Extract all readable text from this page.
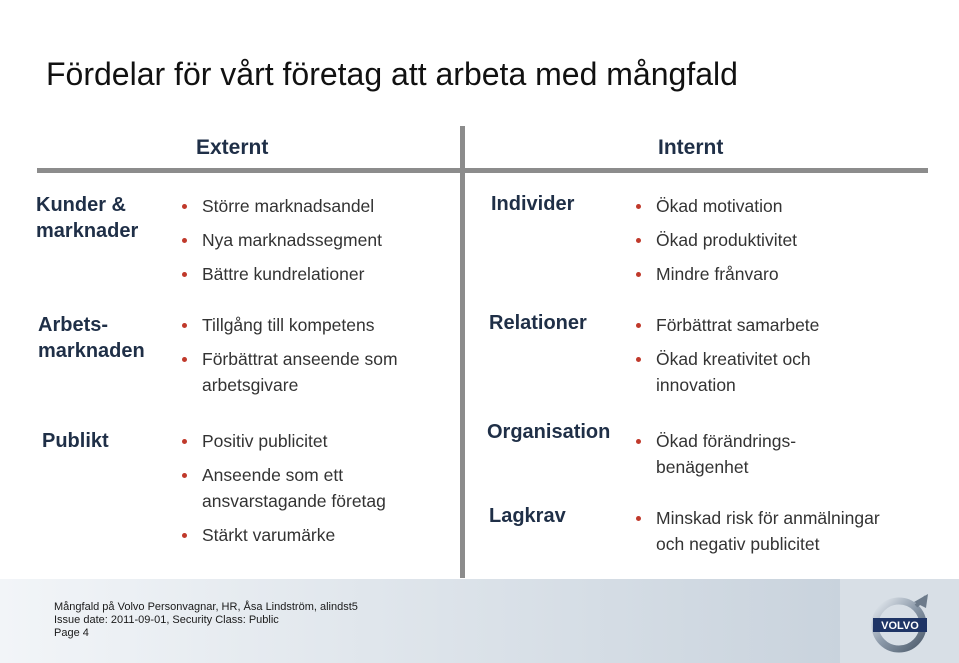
Fördelar för vårt företag att arbeta med mångfald
Externt	Internt
Kunder &
marknader
Större marknadsandel
Nya marknadssegment
Bättre kundrelationer
Arbets-
marknaden
Tillgång till kompetens
Förbättrat anseende som
arbetsgivare
Publikt	Positiv publicitet
Anseende som ett
ansvarstagande företag
Stärkt varumärke
Individer
Relationer
Organisation
Lagkrav
Ökad motivation
Ökad produktivitet
Mindre frånvaro
Förbättrat samarbete
Ökad kreativitet och
innovation
Ökad förändrings-
benägenhet
Minskad risk för anmälningar
och negativ publicitet
Mångfald på Volvo Personvagnar, HR, Åsa Lindström, alindst5
Issue date: 2011-09-01, Security Class: Public
Page 4
VOLVO
